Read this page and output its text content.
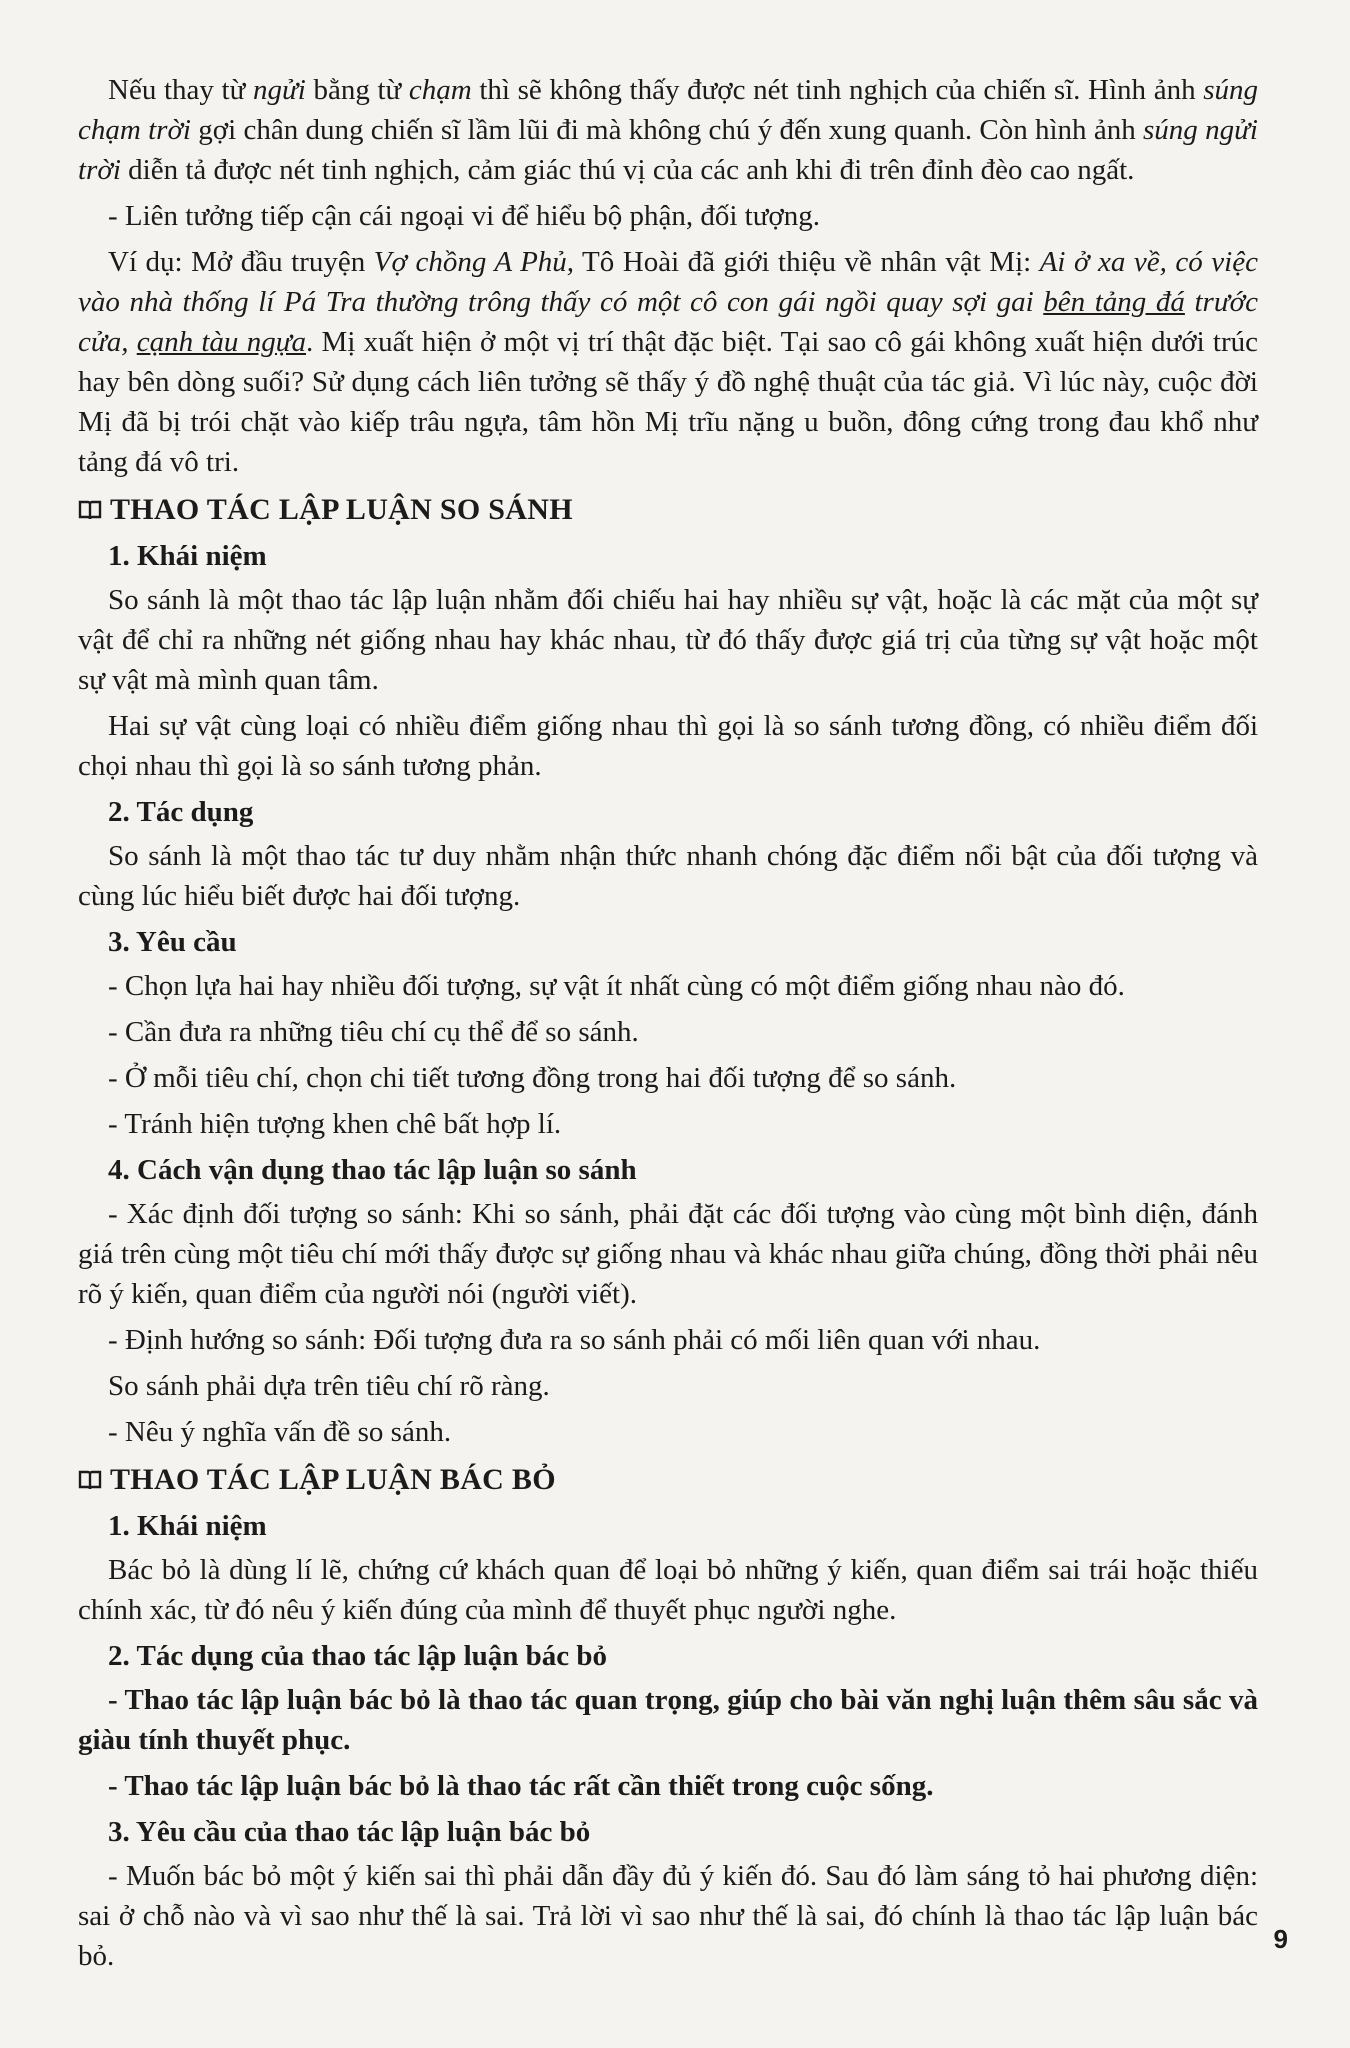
Nếu thay từ ngửi bằng từ chạm thì sẽ không thấy được nét tinh nghịch của chiến sĩ. Hình ảnh súng chạm trời gợi chân dung chiến sĩ lầm lũi đi mà không chú ý đến xung quanh. Còn hình ảnh súng ngửi trời diễn tả được nét tinh nghịch, cảm giác thú vị của các anh khi đi trên đỉnh đèo cao ngất.

- Liên tưởng tiếp cận cái ngoại vi để hiểu bộ phận, đối tượng.

Ví dụ: Mở đầu truyện Vợ chồng A Phủ, Tô Hoài đã giới thiệu về nhân vật Mị: Ai ở xa về, có việc vào nhà thống lí Pá Tra thường trông thấy có một cô con gái ngồi quay sợi gai bên tảng đá trước cửa, cạnh tàu ngựa. Mị xuất hiện ở một vị trí thật đặc biệt. Tại sao cô gái không xuất hiện dưới trúc hay bên dòng suối? Sử dụng cách liên tưởng sẽ thấy ý đồ nghệ thuật của tác giả. Vì lúc này, cuộc đời Mị đã bị trói chặt vào kiếp trâu ngựa, tâm hồn Mị trĩu nặng u buồn, đông cứng trong đau khổ như tảng đá vô tri.

THAO TÁC LẬP LUẬN SO SÁNH
1. Khái niệm

So sánh là một thao tác lập luận nhằm đối chiếu hai hay nhiều sự vật, hoặc là các mặt của một sự vật để chỉ ra những nét giống nhau hay khác nhau, từ đó thấy được giá trị của từng sự vật hoặc một sự vật mà mình quan tâm.

Hai sự vật cùng loại có nhiều điểm giống nhau thì gọi là so sánh tương đồng, có nhiều điểm đối chọi nhau thì gọi là so sánh tương phản.

2. Tác dụng

So sánh là một thao tác tư duy nhằm nhận thức nhanh chóng đặc điểm nổi bật của đối tượng và cùng lúc hiểu biết được hai đối tượng.

3. Yêu cầu

- Chọn lựa hai hay nhiều đối tượng, sự vật ít nhất cùng có một điểm giống nhau nào đó.

- Cần đưa ra những tiêu chí cụ thể để so sánh.

- Ở mỗi tiêu chí, chọn chi tiết tương đồng trong hai đối tượng để so sánh.

- Tránh hiện tượng khen chê bất hợp lí.

4. Cách vận dụng thao tác lập luận so sánh

- Xác định đối tượng so sánh: Khi so sánh, phải đặt các đối tượng vào cùng một bình diện, đánh giá trên cùng một tiêu chí mới thấy được sự giống nhau và khác nhau giữa chúng, đồng thời phải nêu rõ ý kiến, quan điểm của người nói (người viết).

- Định hướng so sánh: Đối tượng đưa ra so sánh phải có mối liên quan với nhau.

So sánh phải dựa trên tiêu chí rõ ràng.

- Nêu ý nghĩa vấn đề so sánh.

THAO TÁC LẬP LUẬN BÁC BỎ
1. Khái niệm

Bác bỏ là dùng lí lẽ, chứng cứ khách quan để loại bỏ những ý kiến, quan điểm sai trái hoặc thiếu chính xác, từ đó nêu ý kiến đúng của mình để thuyết phục người nghe.

2. Tác dụng của thao tác lập luận bác bỏ

- Thao tác lập luận bác bỏ là thao tác quan trọng, giúp cho bài văn nghị luận thêm sâu sắc và giàu tính thuyết phục.

- Thao tác lập luận bác bỏ là thao tác rất cần thiết trong cuộc sống.

3. Yêu cầu của thao tác lập luận bác bỏ

- Muốn bác bỏ một ý kiến sai thì phải dẫn đầy đủ ý kiến đó. Sau đó làm sáng tỏ hai phương diện: sai ở chỗ nào và vì sao như thế là sai. Trả lời vì sao như thế là sai, đó chính là thao tác lập luận bác bỏ.

9
